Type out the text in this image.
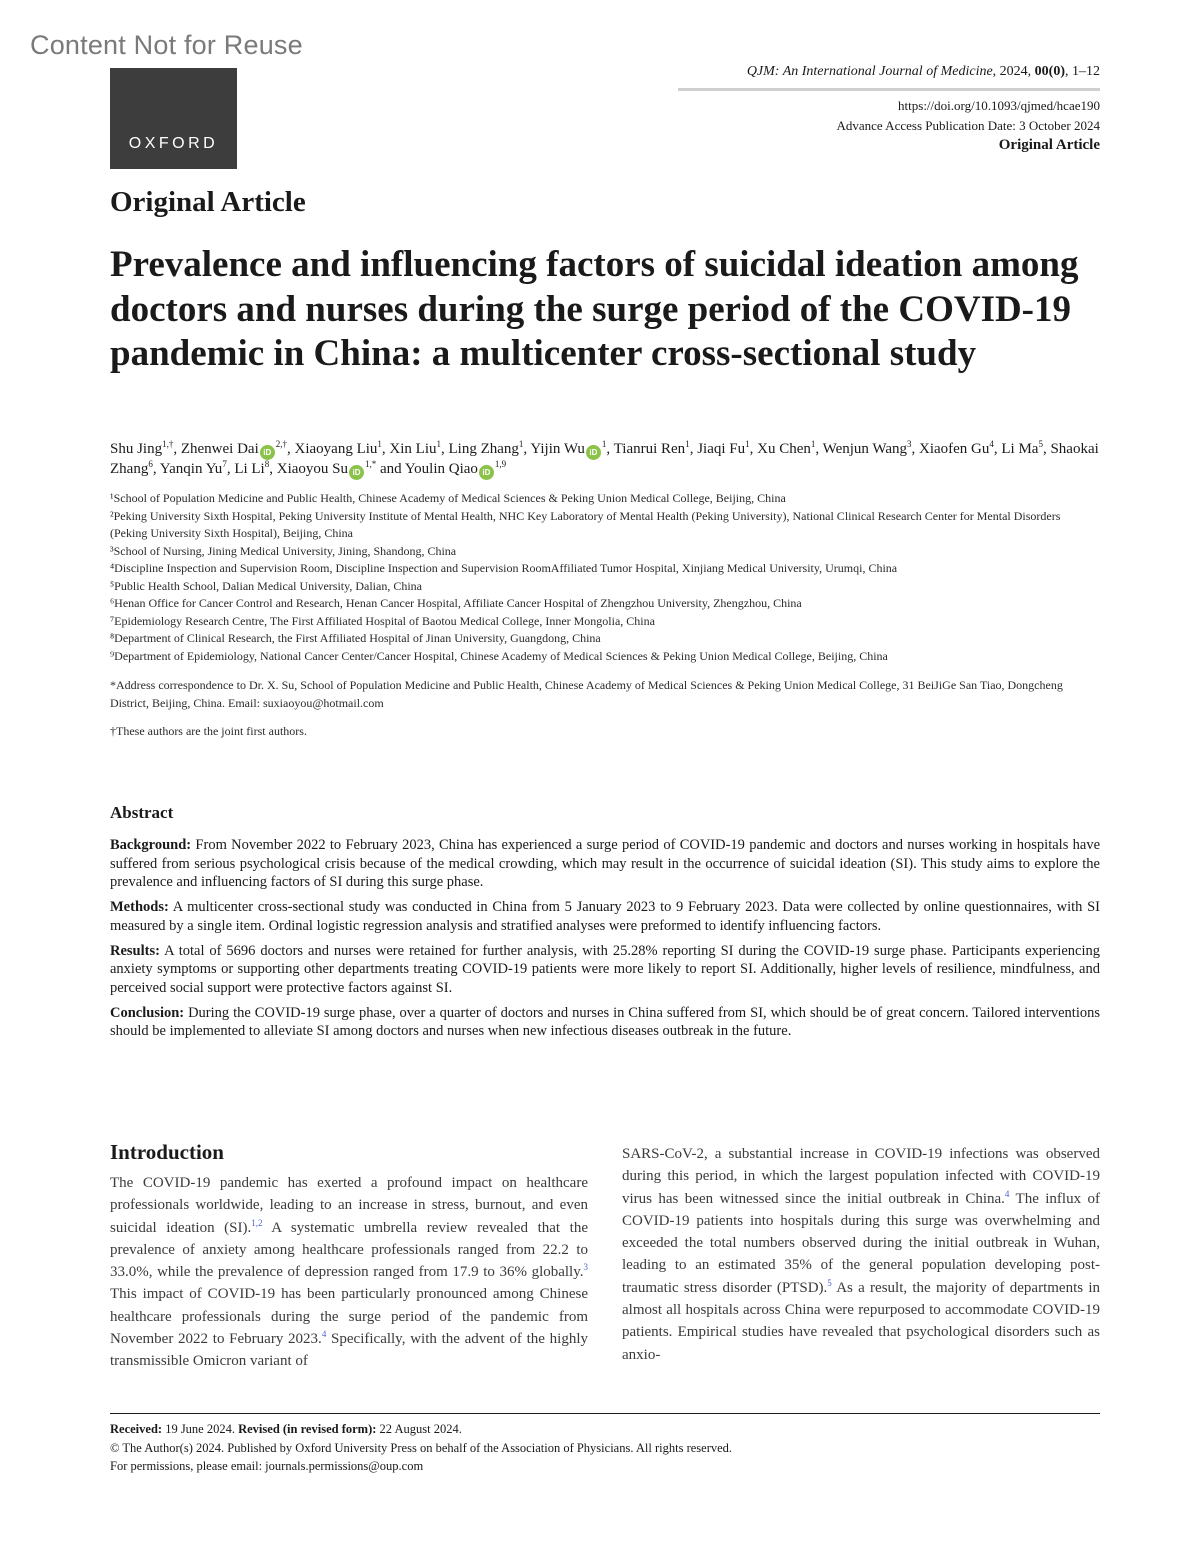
Content Not for Reuse
OXFORD
QJM: An International Journal of Medicine, 2024, 00(0), 1–12
https://doi.org/10.1093/qjmed/hcae190
Advance Access Publication Date: 3 October 2024
Original Article
Original Article
Prevalence and influencing factors of suicidal ideation among doctors and nurses during the surge period of the COVID-19 pandemic in China: a multicenter cross-sectional study
Shu Jing$^{1,\dagger}$, Zhenwei Dai $iD^{2,\dagger}$, Xiaoyang Liu$^1$, Xin Liu$^1$, Ling Zhang$^1$, Yijin Wu $iD^1$, Tianrui Ren$^1$, Jiaqi Fu$^1$, Xu Chen$^1$, Wenjun Wang$^3$, Xiaofen Gu$^4$, Li Ma$^5$, Shaokai Zhang$^6$, Yanqin Yu$^7$, Li Li$^8$, Xiaoyou Su $iD^{1,*}$ and Youlin Qiao iD$^{1,9}$
¹School of Population Medicine and Public Health, Chinese Academy of Medical Sciences & Peking Union Medical College, Beijing, China
²Peking University Sixth Hospital, Peking University Institute of Mental Health, NHC Key Laboratory of Mental Health (Peking University), National Clinical Research Center for Mental Disorders (Peking University Sixth Hospital), Beijing, China
³School of Nursing, Jining Medical University, Jining, Shandong, China
⁴Discipline Inspection and Supervision Room, Discipline Inspection and Supervision RoomAffiliated Tumor Hospital, Xinjiang Medical University, Urumqi, China
⁵Public Health School, Dalian Medical University, Dalian, China
⁶Henan Office for Cancer Control and Research, Henan Cancer Hospital, Affiliate Cancer Hospital of Zhengzhou University, Zhengzhou, China
⁷Epidemiology Research Centre, The First Affiliated Hospital of Baotou Medical College, Inner Mongolia, China
⁸Department of Clinical Research, the First Affiliated Hospital of Jinan University, Guangdong, China
⁹Department of Epidemiology, National Cancer Center/Cancer Hospital, Chinese Academy of Medical Sciences & Peking Union Medical College, Beijing, China
*Address correspondence to Dr. X. Su, School of Population Medicine and Public Health, Chinese Academy of Medical Sciences & Peking Union Medical College, 31 BeiJiGe San Tiao, Dongcheng District, Beijing, China. Email: suxiaoyou@hotmail.com
†These authors are the joint first authors.
Abstract

Background: From November 2022 to February 2023, China has experienced a surge period of COVID-19 pandemic and doctors and nurses working in hospitals have suffered from serious psychological crisis because of the medical crowding, which may result in the occurrence of suicidal ideation (SI). This study aims to explore the prevalence and influencing factors of SI during this surge phase.

Methods: A multicenter cross-sectional study was conducted in China from 5 January 2023 to 9 February 2023. Data were collected by online questionnaires, with SI measured by a single item. Ordinal logistic regression analysis and stratified analyses were preformed to identify influencing factors.

Results: A total of 5696 doctors and nurses were retained for further analysis, with 25.28% reporting SI during the COVID-19 surge phase. Participants experiencing anxiety symptoms or supporting other departments treating COVID-19 patients were more likely to report SI. Additionally, higher levels of resilience, mindfulness, and perceived social support were protective factors against SI.

Conclusion: During the COVID-19 surge phase, over a quarter of doctors and nurses in China suffered from SI, which should be of great concern. Tailored interventions should be implemented to alleviate SI among doctors and nurses when new infectious diseases outbreak in the future.

Introduction

The COVID-19 pandemic has exerted a profound impact on healthcare professionals worldwide, leading to an increase in stress, burnout, and even suicidal ideation (SI).$^{1,2}$ A systematic umbrella review revealed that the prevalence of anxiety among healthcare professionals ranged from 22.2 to 33.0%, while the prevalence of depression ranged from 17.9 to 36% globally.$^3$ This impact of COVID-19 has been particularly pronounced among Chinese healthcare professionals during the surge period of the pandemic from November 2022 to February 2023.$^4$ Specifically, with the advent of the highly transmissible Omicron variant of

SARS-CoV-2, a substantial increase in COVID-19 infections was observed during this period, in which the largest population infected with COVID-19 virus has been witnessed since the initial outbreak in China.$^4$ The influx of COVID-19 patients into hospitals during this surge was overwhelming and exceeded the total numbers observed during the initial outbreak in Wuhan, leading to an estimated 35% of the general population developing post-traumatic stress disorder (PTSD).$^5$ As a result, the majority of departments in almost all hospitals across China were repurposed to accommodate COVID-19 patients. Empirical studies have revealed that psychological disorders such as anxio-

Received: 19 June 2024. Revised (in revised form): 22 August 2024.
© The Author(s) 2024. Published by Oxford University Press on behalf of the Association of Physicians. All rights reserved.
For permissions, please email: journals.permissions@oup.com
